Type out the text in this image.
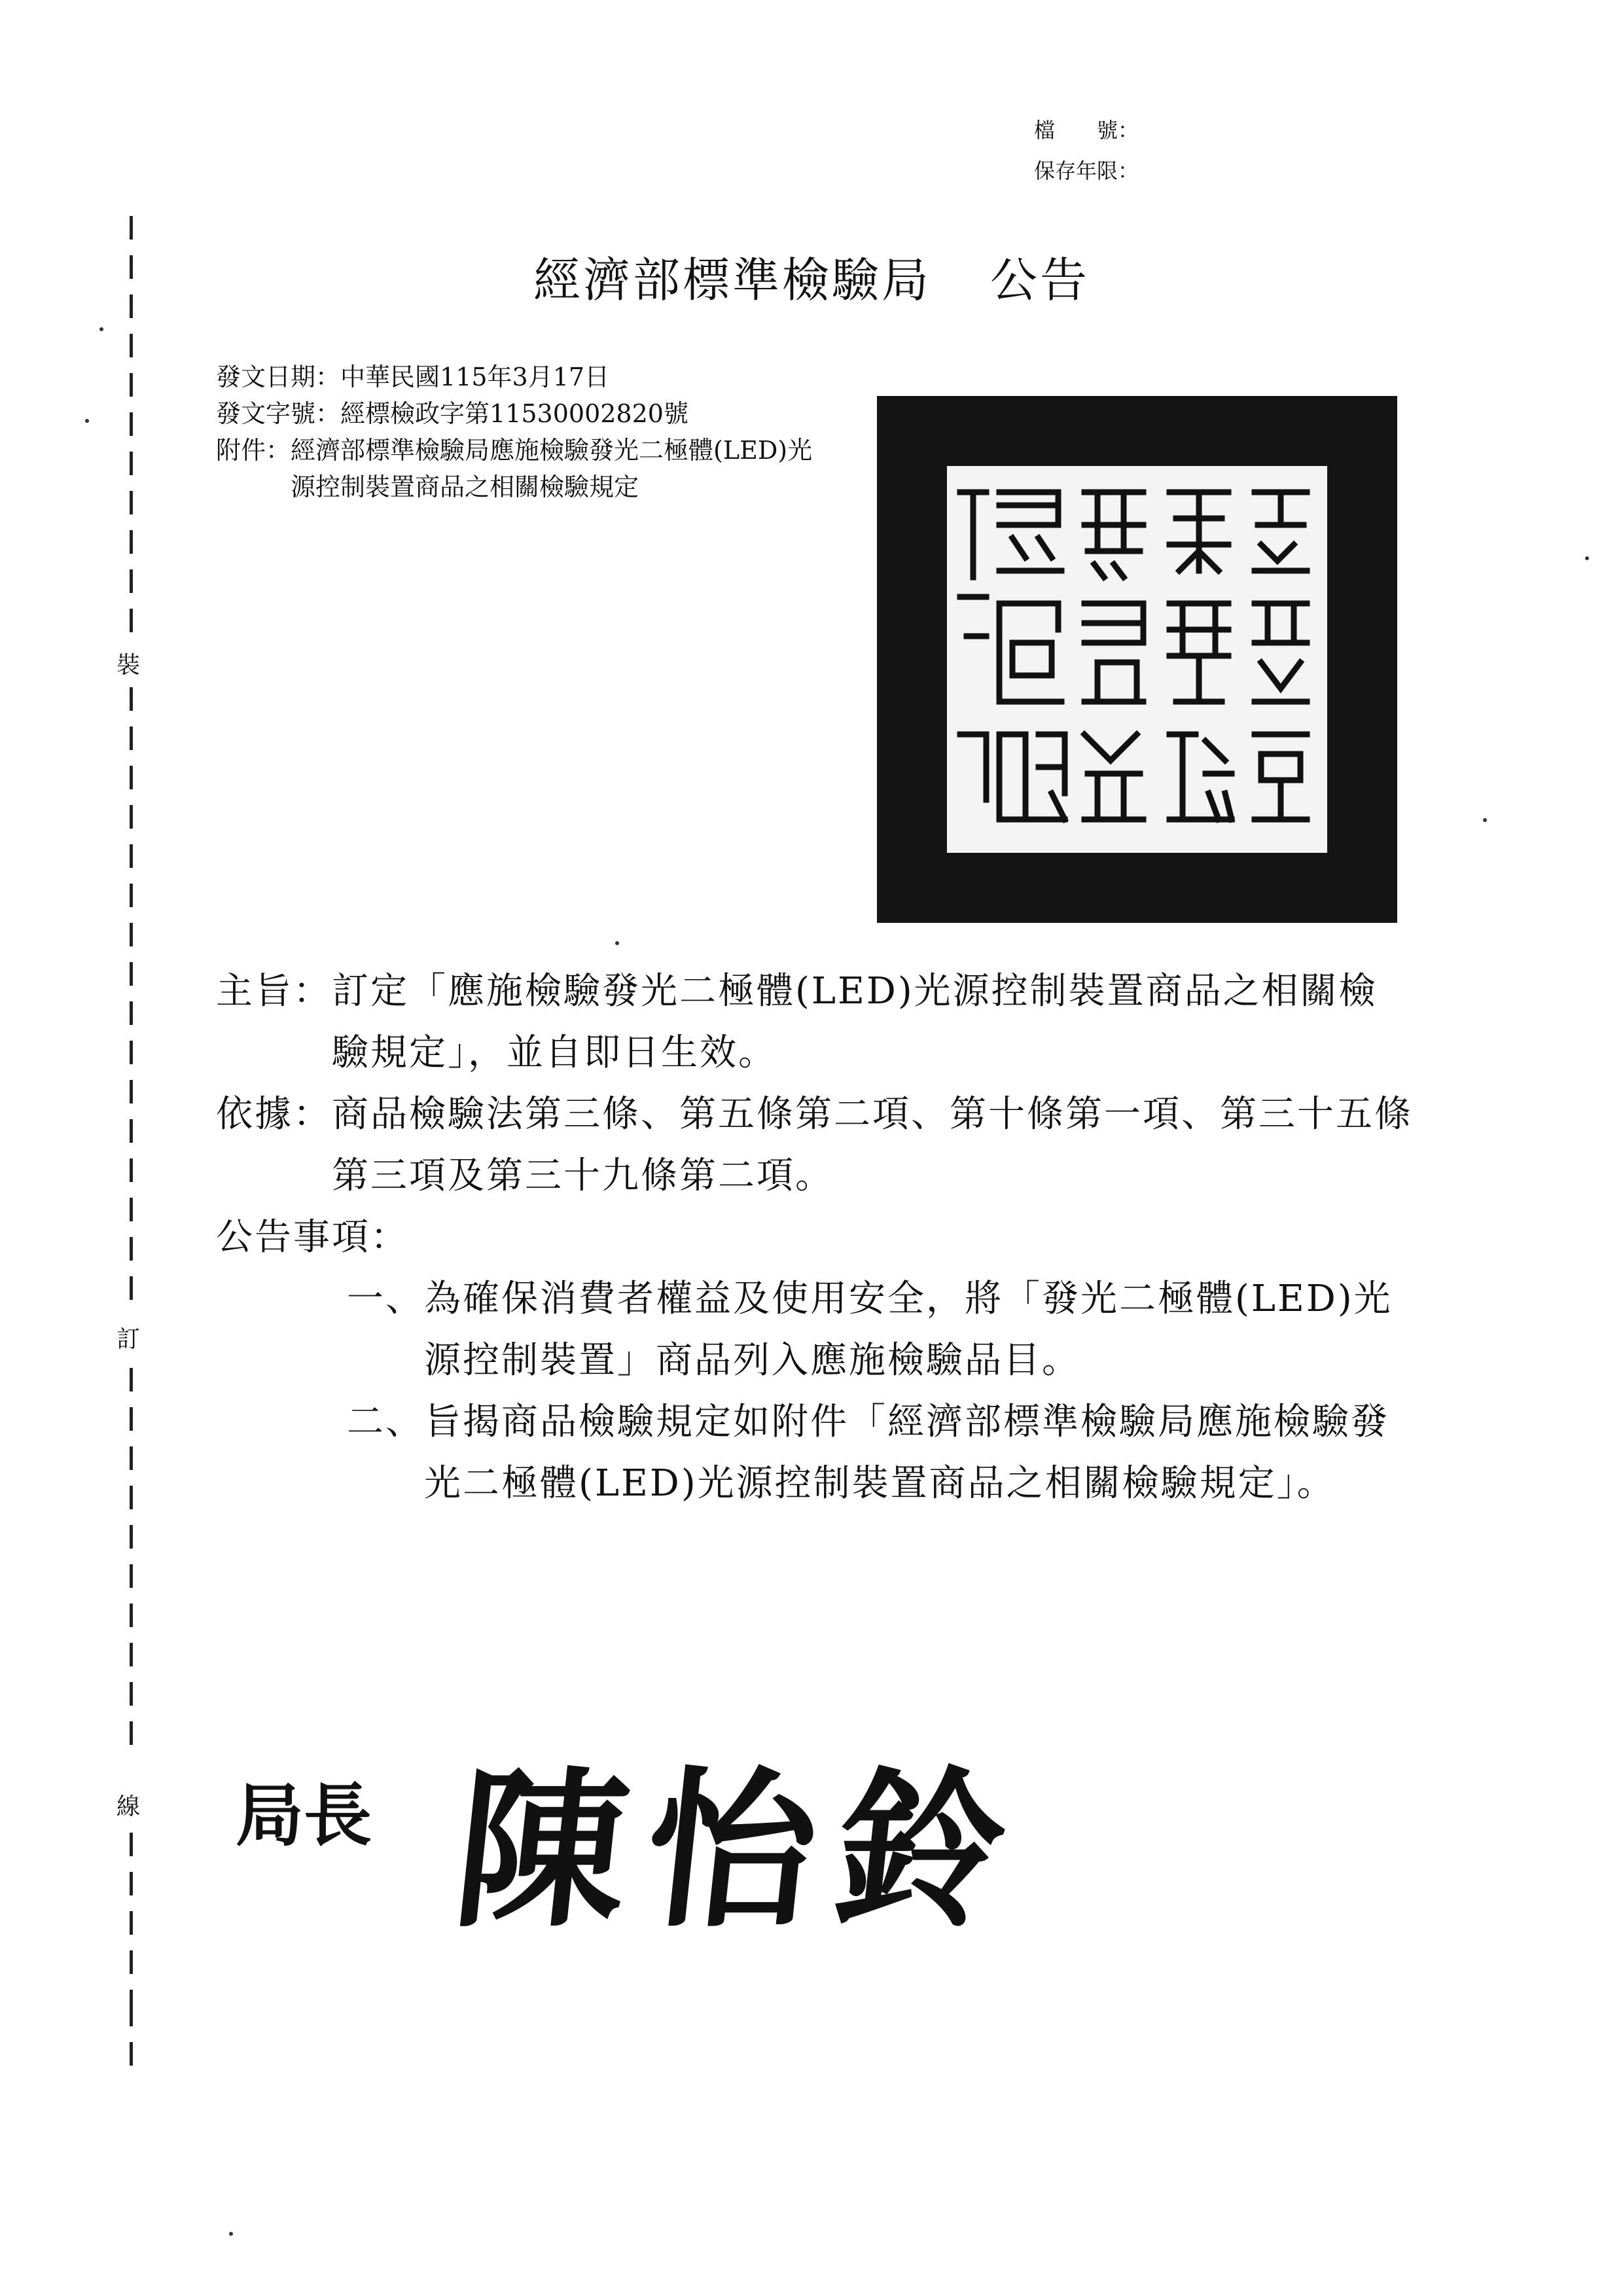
檔　　號：
保存年限：
裝
訂
線
經濟部標準檢驗局 公告
發文日期： 中華民國115年3月17日
發文字號： 經標檢政字第11530002820號
附件： 經濟部標準檢驗局應施檢驗發光二極體(LED)光源控制裝置商品之相關檢驗規定
主旨： 訂定「應施檢驗發光二極體(LED)光源控制裝置商品之相關檢驗規定」，並自即日生效。
依據： 商品檢驗法第三條、第五條第二項、第十條第一項、第三十五條第三項及第三十九條第二項。
公告事項：
一、 為確保消費者權益及使用安全，將「發光二極體(LED)光源控制裝置」商品列入應施檢驗品目。
二、 旨揭商品檢驗規定如附件「經濟部標準檢驗局應施檢驗發光二極體(LED)光源控制裝置商品之相關檢驗規定」。
局長 陳怡鈴
